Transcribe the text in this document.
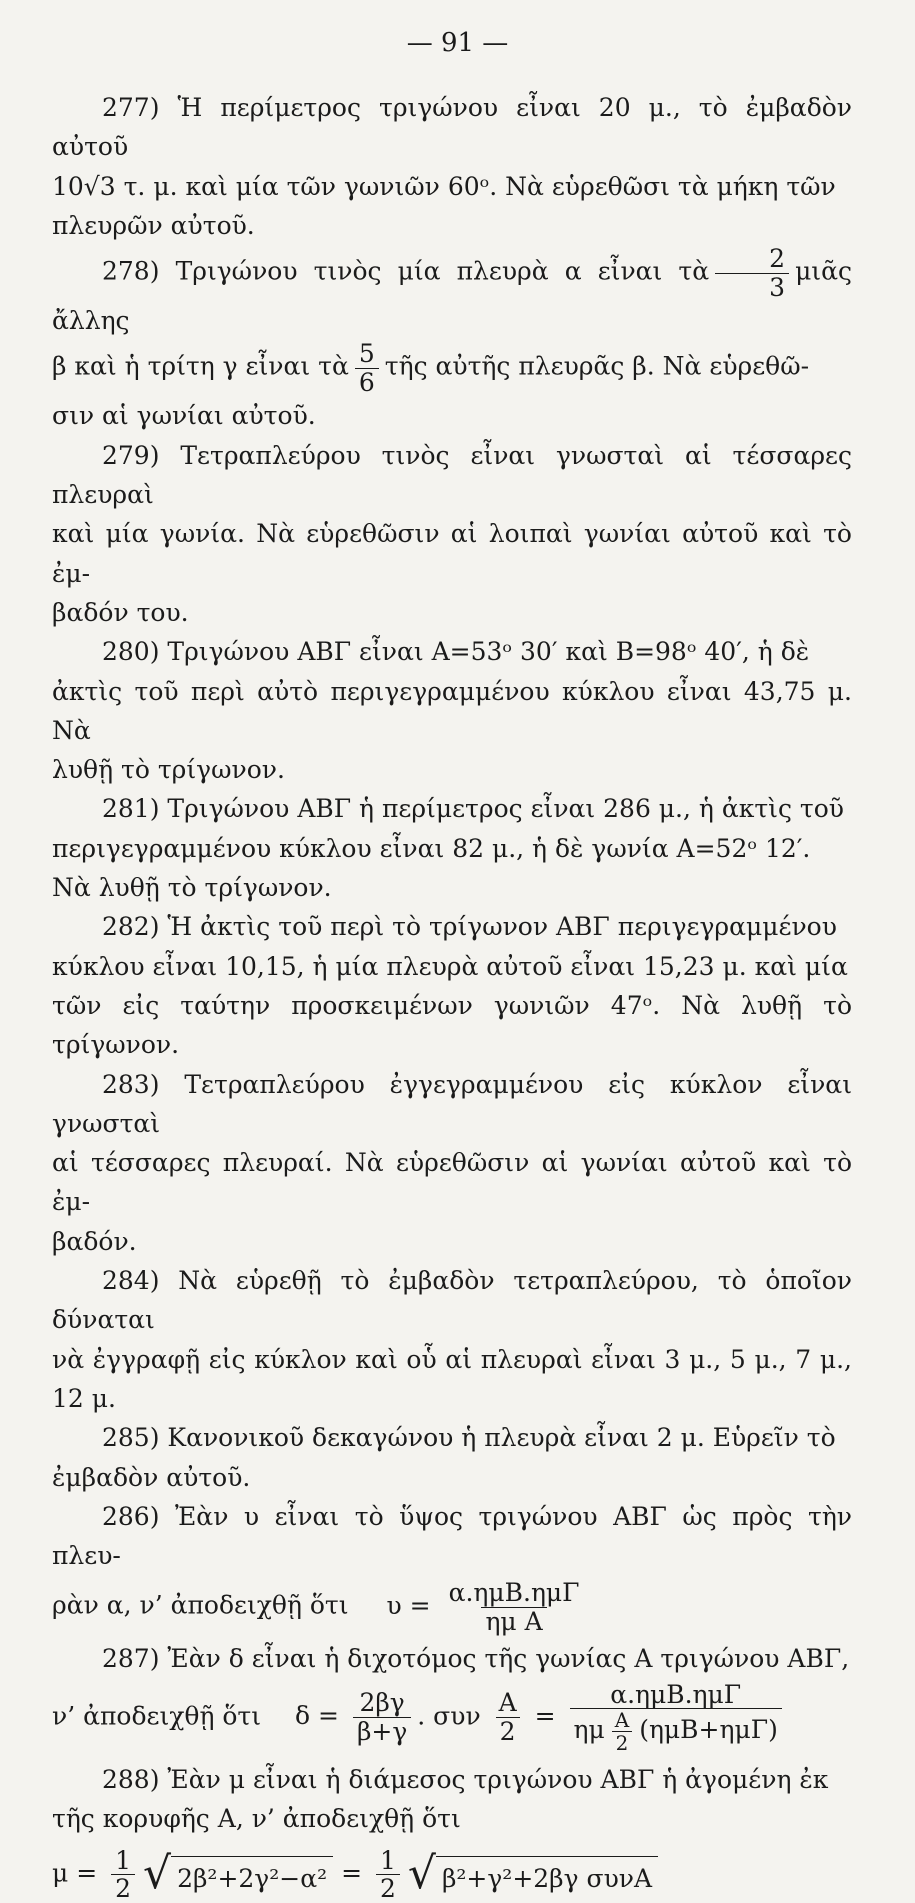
— 91 —

277) Ἡ περίμετρος τριγώνου εἶναι 20 μ., τὸ ἐμβαδὸν αὐτοῦ

10√3 τ. μ. καὶ μία τῶν γωνιῶν 60ᵒ. Νὰ εὑρεθῶσι τὰ μήκη τῶν

πλευρῶν αὐτοῦ.

278) Τριγώνου τινὸς μία πλευρὰ α εἶναι τὰ $\frac{2}{3}$ μιᾶς ἄλλης

β καὶ ἡ τρίτη γ εἶναι τὰ $\frac{5}{6}$ τῆς αὐτῆς πλευρᾶς β. Νὰ εὑρεθῶ-

σιν αἱ γωνίαι αὐτοῦ.

279) Τετραπλεύρου τινὸς εἶναι γνωσταὶ αἱ τέσσαρες πλευραὶ

καὶ μία γωνία. Νὰ εὑρεθῶσιν αἱ λοιπαὶ γωνίαι αὐτοῦ καὶ τὸ ἐμ-

βαδόν του.

280) Τριγώνου ΑΒΓ εἶναι Α=53ᵒ 30′ καὶ Β=98ᵒ 40′, ἡ δὲ

ἀκτὶς τοῦ περὶ αὐτὸ περιγεγραμμένου κύκλου εἶναι 43,75 μ. Νὰ

λυθῇ τὸ τρίγωνον.

281) Τριγώνου ΑΒΓ ἡ περίμετρος εἶναι 286 μ., ἡ ἀκτὶς τοῦ

περιγεγραμμένου κύκλου εἶναι 82 μ., ἡ δὲ γωνία Α=52ᵒ 12′.

Νὰ λυθῇ τὸ τρίγωνον.

282) Ἡ ἀκτὶς τοῦ περὶ τὸ τρίγωνον ΑΒΓ περιγεγραμμένου

κύκλου εἶναι 10,15, ἡ μία πλευρὰ αὐτοῦ εἶναι 15,23 μ. καὶ μία

τῶν εἰς ταύτην προσκειμένων γωνιῶν 47ᵒ. Νὰ λυθῇ τὸ τρίγωνον.

283) Τετραπλεύρου ἐγγεγραμμένου εἰς κύκλον εἶναι γνωσταὶ

αἱ τέσσαρες πλευραί. Νὰ εὑρεθῶσιν αἱ γωνίαι αὐτοῦ καὶ τὸ ἐμ-

βαδόν.

284) Νὰ εὑρεθῇ τὸ ἐμβαδὸν τετραπλεύρου, τὸ ὁποῖον δύναται

νὰ ἐγγραφῇ εἰς κύκλον καὶ οὗ αἱ πλευραὶ εἶναι 3 μ., 5 μ., 7 μ., 12 μ.

285) Κανονικοῦ δεκαγώνου ἡ πλευρὰ εἶναι 2 μ. Εὑρεῖν τὸ

ἐμβαδὸν αὐτοῦ.

286) Ἐὰν υ εἶναι τὸ ὕψος τριγώνου ΑΒΓ ὡς πρὸς τὴν πλευ-

ρὰν α, ν’ ἀποδειχθῇ ὅτι $\upsilon = \frac{\text{α.ημΒ.ημΓ}}{\text{ημ Α}}$

287) Ἐὰν δ εἶναι ἡ διχοτόμος τῆς γωνίας Α τριγώνου ΑΒΓ,

ν’ ἀποδειχθῇ ὅτι $\delta = \frac{2\beta\gamma}{\beta+\gamma}$ . συν $\frac{A}{2} = \frac{\text{α.ημΒ.ημΓ}}{\eta\mu \frac{A}{2} (\eta\mu B+\eta\mu\Gamma)}$

288) Ἐὰν μ εἶναι ἡ διάμεσος τριγώνου ΑΒΓ ἡ ἀγομένη ἐκ

τῆς κορυφῆς Α, ν’ ἀποδειχθῇ ὅτι

$\mu = \frac{1}{2}$ √ $2\beta^2+2\gamma^2-\alpha^2 = \frac{1}{2}$ √ β²+γ²+2βγ συνΑ
